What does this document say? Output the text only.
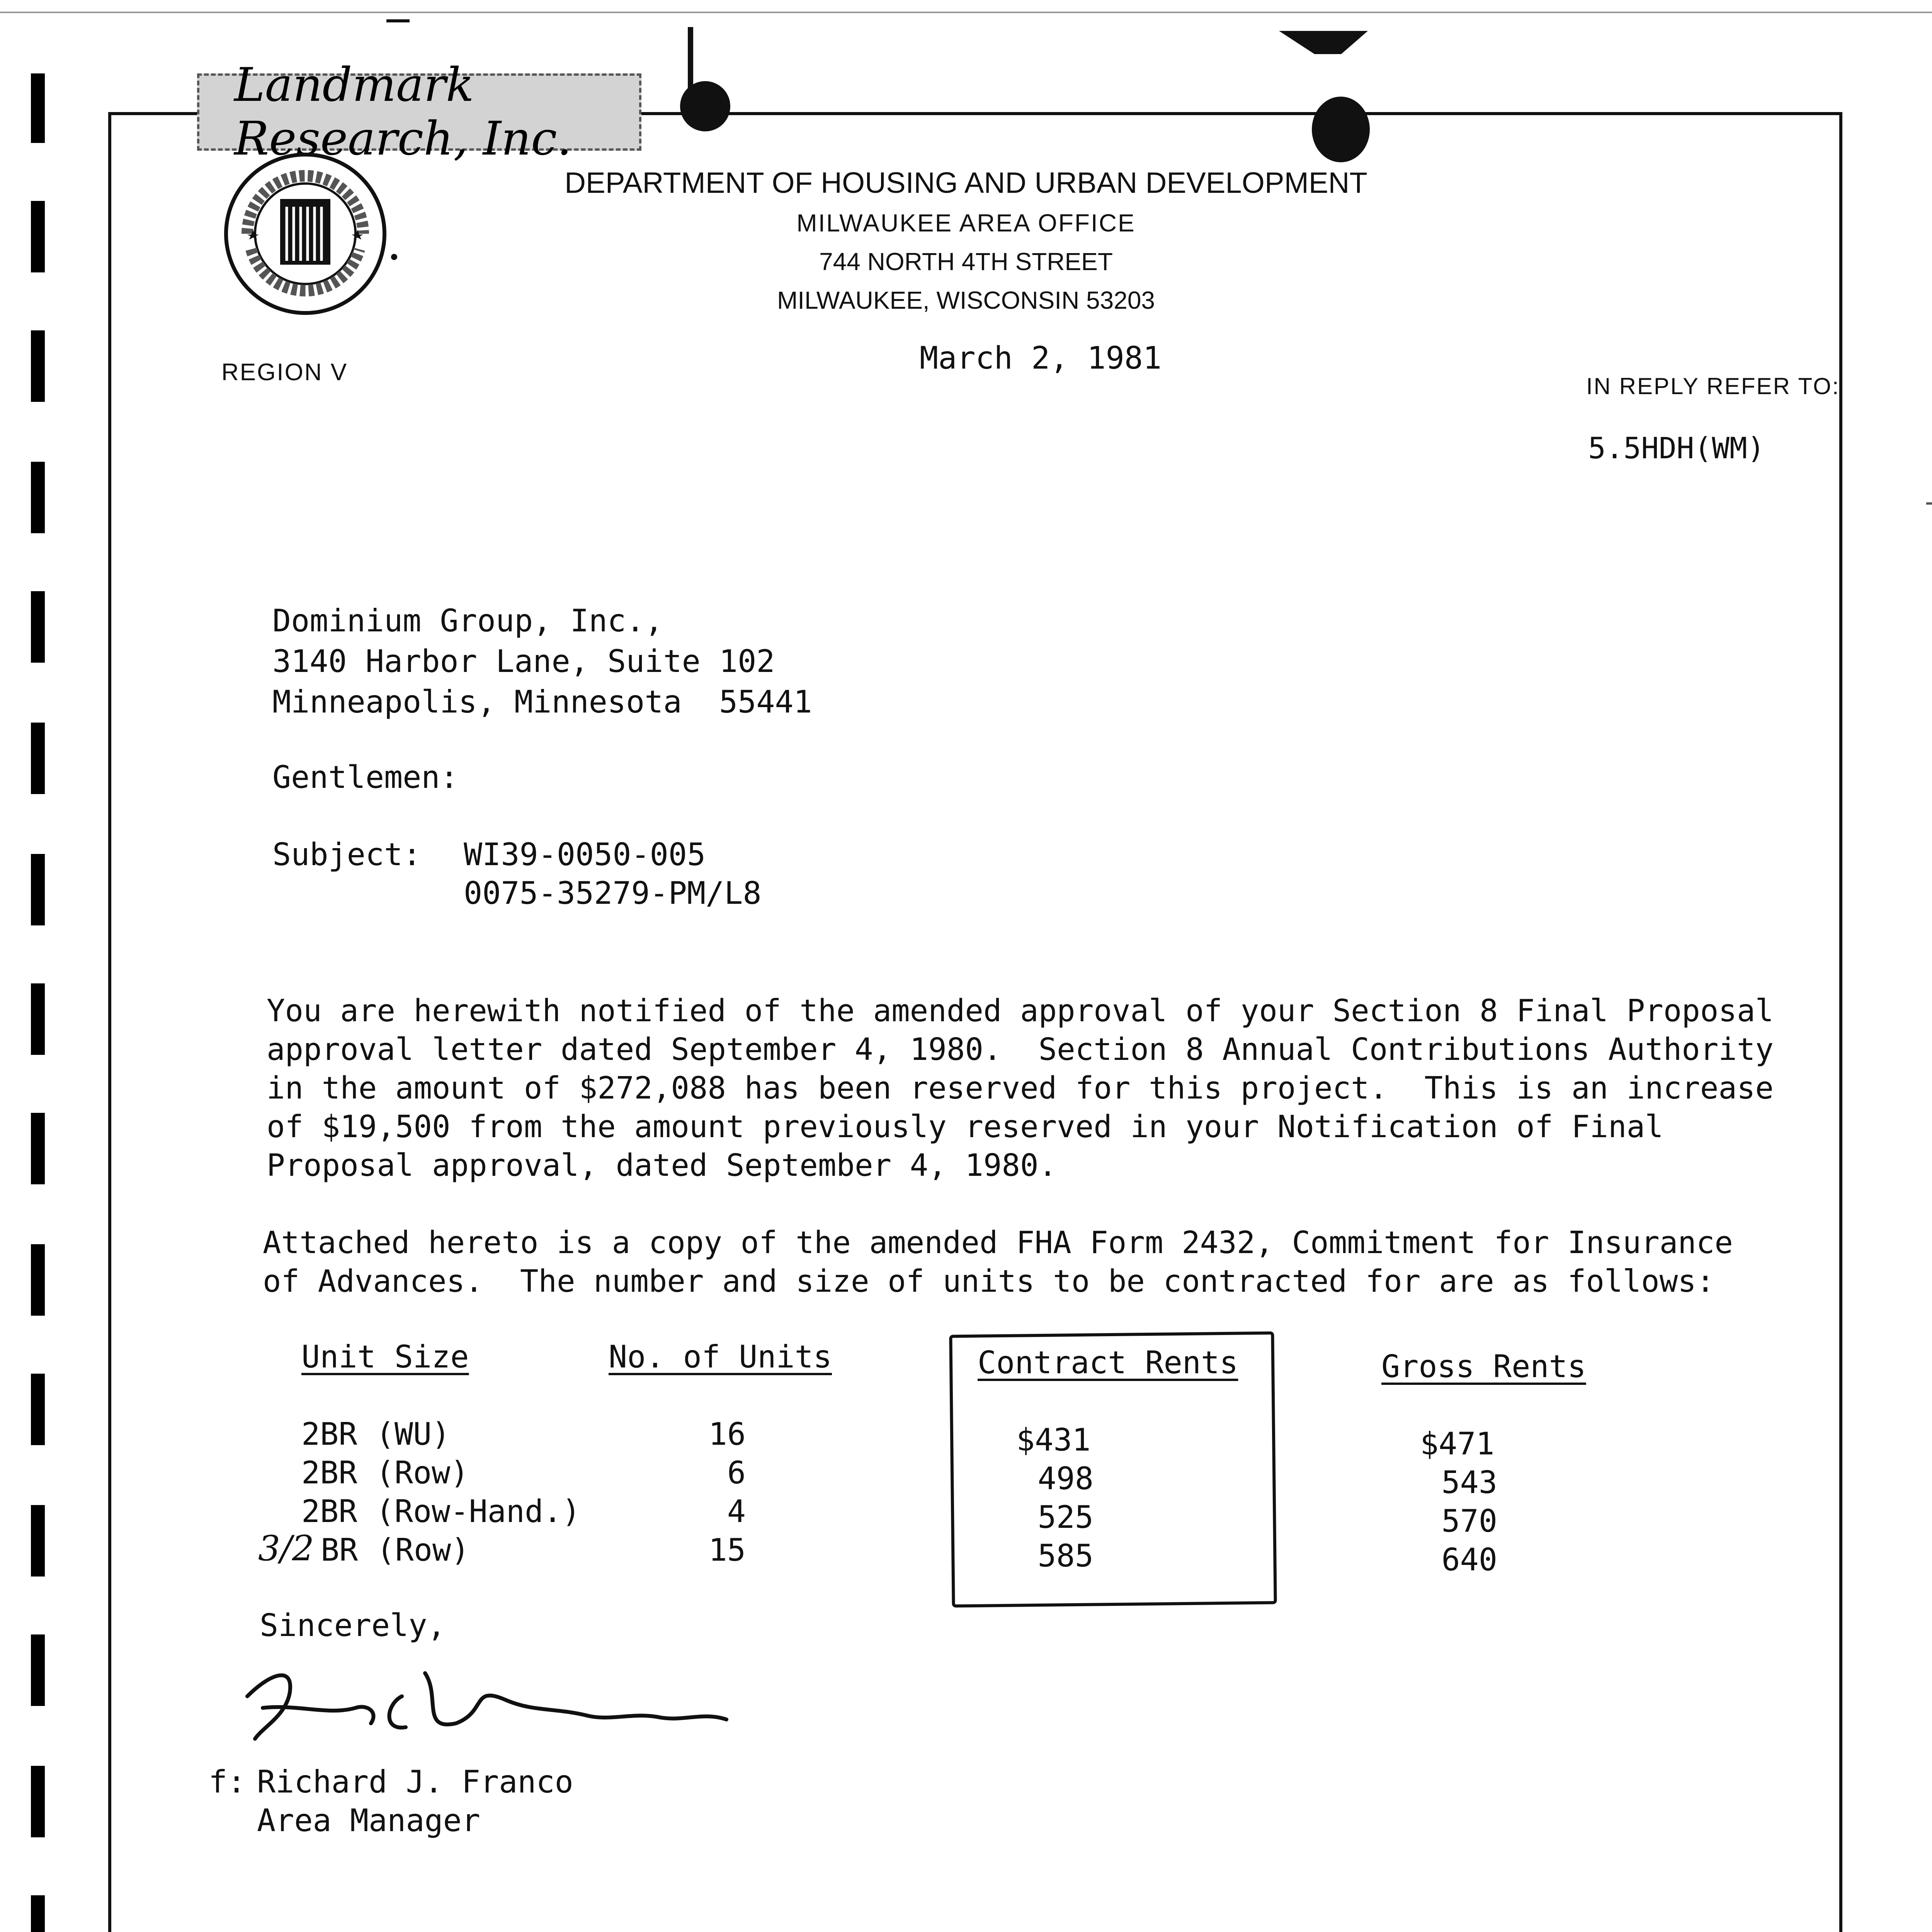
Landmark Research, Inc.
DEPARTMENT OF HOUSING AND URBAN DEVELOPMENT
MILWAUKEE AREA OFFICE
744 NORTH 4TH STREET
MILWAUKEE, WISCONSIN 53203
REGION V	March 2, 1981
IN REPLY REFER TO:
5.5HDH(WM)
Dominium Group, Inc.,
3140 Harbor Lane, Suite 102
Minneapolis, Minnesota  55441
Gentlemen:
Subject: WI39-0050-005
0075-35279-PM/L8
You are herewith notified of the amended approval of your Section 8 Final Proposal
approval letter dated September 4, 1980.  Section 8 Annual Contributions Authority
in the amount of $272,088 has been reserved for this project.  This is an increase
of $19,500 from the amount previously reserved in your Notification of Final
Proposal approval, dated September 4, 1980.
Attached hereto is a copy of the amended FHA Form 2432, Commitment for Insurance
of Advances.  The number and size of units to be contracted for are as follows:
Unit Size	No. of Units	Contract Rents	Gross Rents
2BR (WU)	16	$431	$471
2BR (Row)	6	498	543
2BR (Row-Hand.)	4	525	570
3/2 BR (Row)	15	585	640
Sincerely,
f: Richard J. Franco
Area Manager
